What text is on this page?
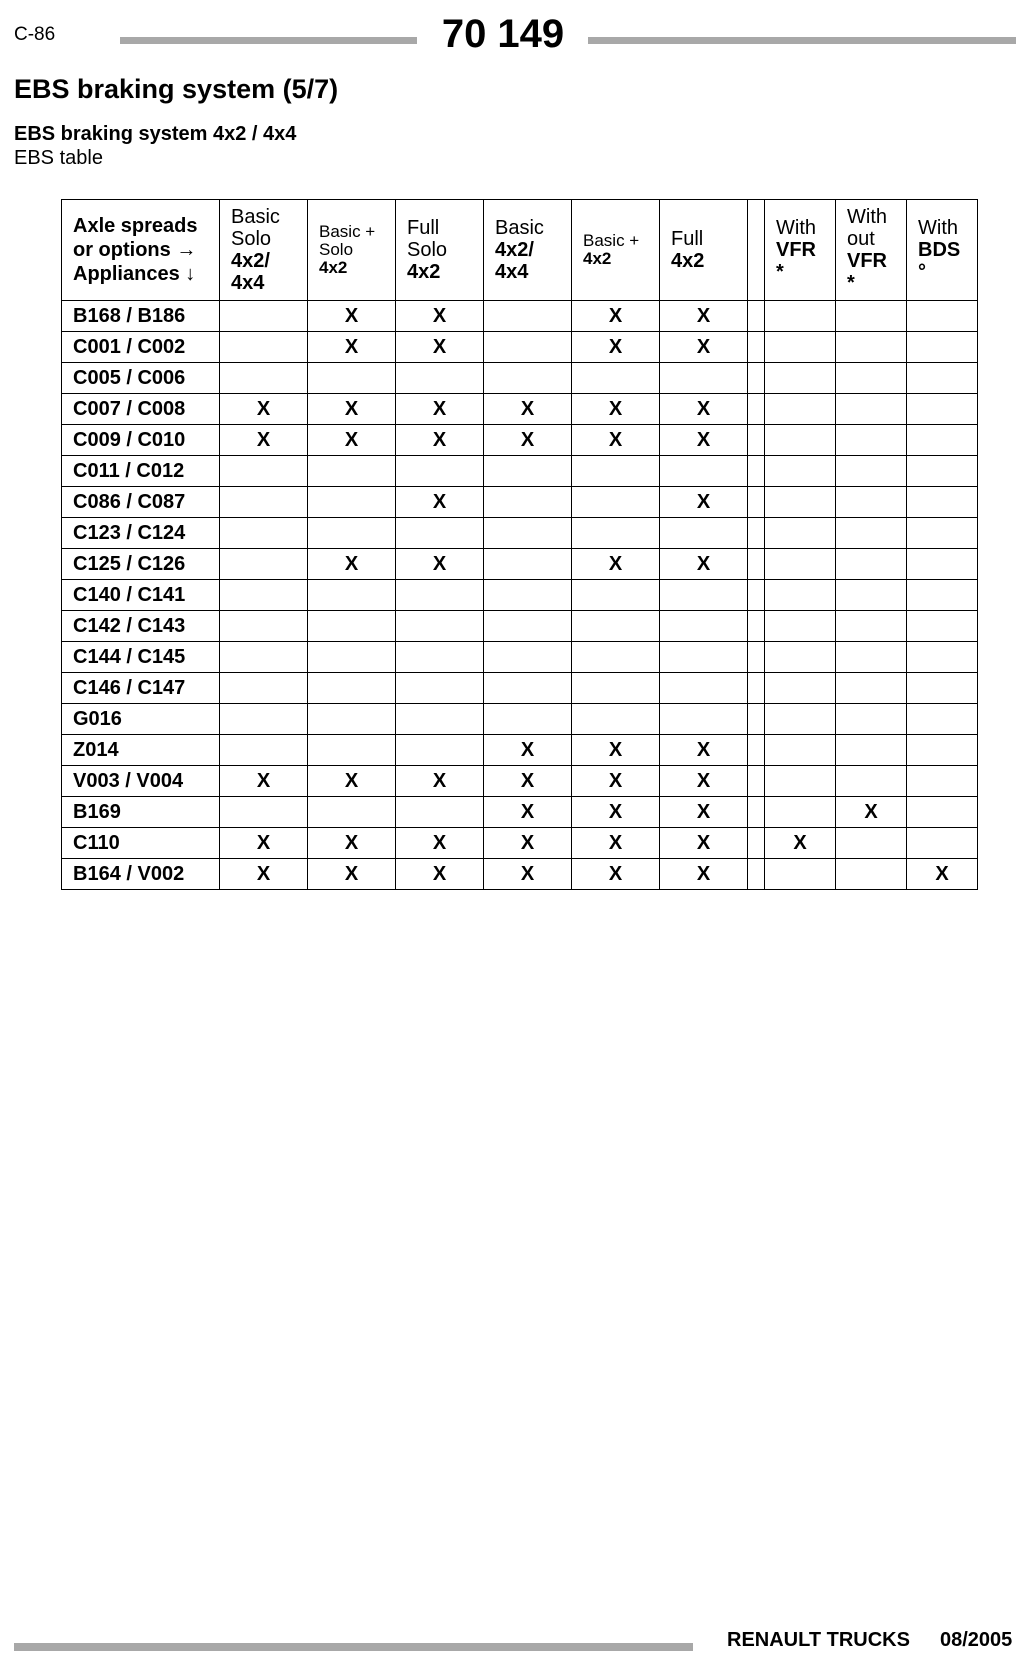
C-86	70 149
EBS braking system (5/7)
EBS braking system 4x2 / 4x4
EBS table
Axle spreads
or options →
Appliances ↓	Basic
Solo
4x2/
4x4	Basic +
Solo
4x2	Full
Solo
4x2	Basic
4x2/
4x4	Basic +
4x2	Full
4x2		With
VFR
*	With
out
VFR
*	With
BDS
°

B168 / B186		X	X		X	X				
C001 / C002		X	X		X	X				
C005 / C006										
C007 / C008	X	X	X	X	X	X				
C009 / C010	X	X	X	X	X	X				
C011 / C012										
C086 / C087			X			X				
C123 / C124										
C125 / C126		X	X		X	X				
C140 / C141										
C142 / C143										
C144 / C145										
C146 / C147										
G016										
Z014				X	X	X				
V003 / V004	X	X	X	X	X	X				
B169				X	X	X			X	
C110	X	X	X	X	X	X		X		
B164 / V002	X	X	X	X	X	X				X
RENAULT TRUCKS 08/2005
